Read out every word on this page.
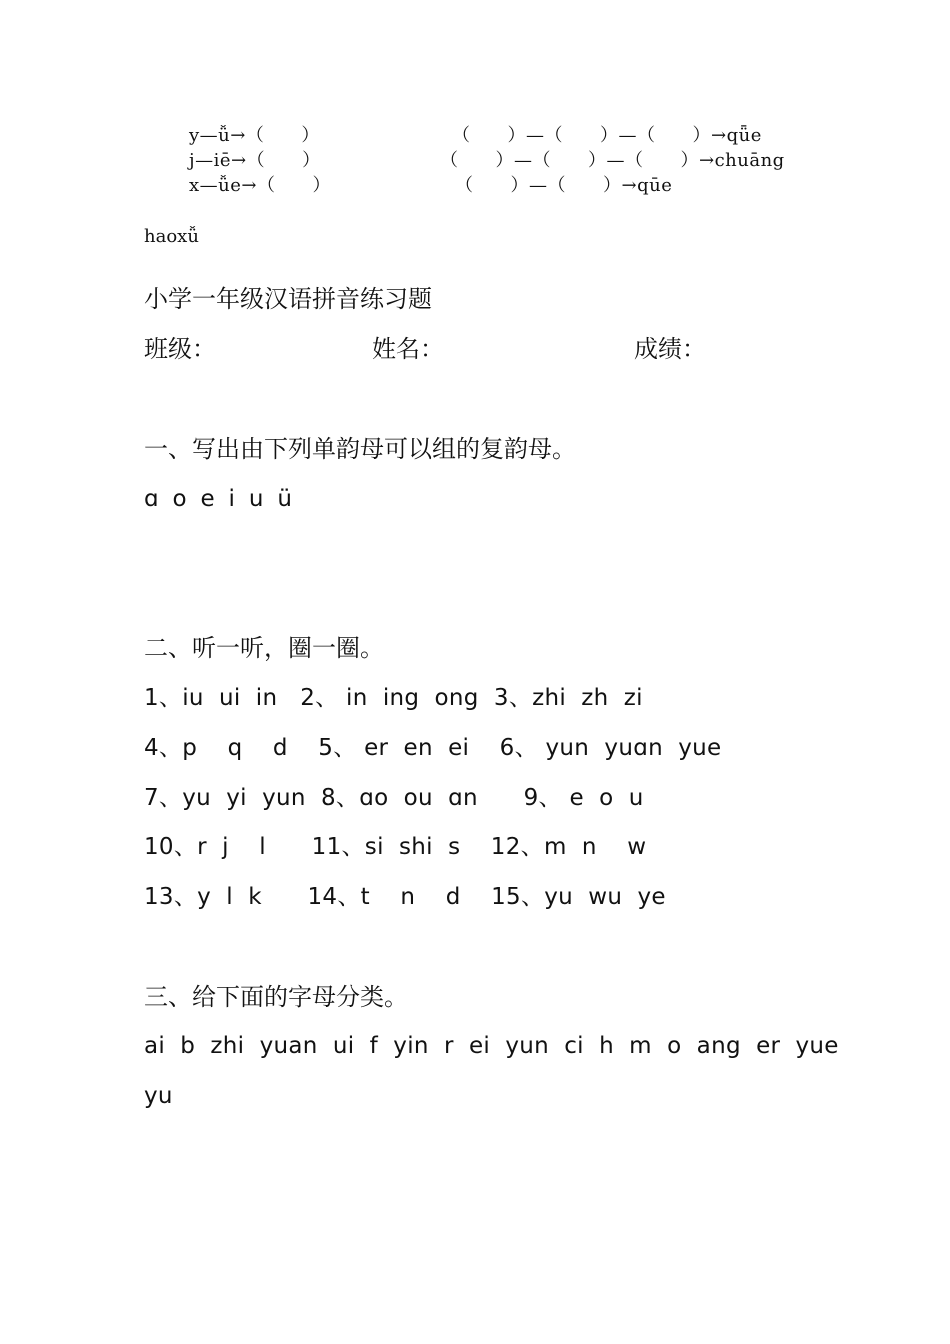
y—ǚ→（　　）
j—iē→（　　）
x—ǚe→（　　）
（　　）—（　　）—（　　）→qǖe
（　　）—（　　）—（　　）→chuāng
（　　）—（　　）→qūe
haoxǚ
小学一年级汉语拼音练习题
班级：	姓名：	成绩：
一、写出由下列单韵母可以组的复韵母。
ɑ o e i u ü
二、听一听，圈一圈。
1、iu  ui  in   2、 in  ing  ong  3、zhi  zh  zi
4、p    q    d    5、 er  en  ei    6、 yun  yuɑn  yue
7、yu  yi  yun  8、ɑo  ou  ɑn      9、 e  o  u
10、r  j    l      11、si  shi  s    12、m  n    w
13、y  l  k      14、t    n    d    15、yu  wu  ye
三、给下面的字母分类。
ai  b  zhi  yuan  ui  f  yin  r  ei  yun  ci  h  m  o  ang  er  yue
yu
